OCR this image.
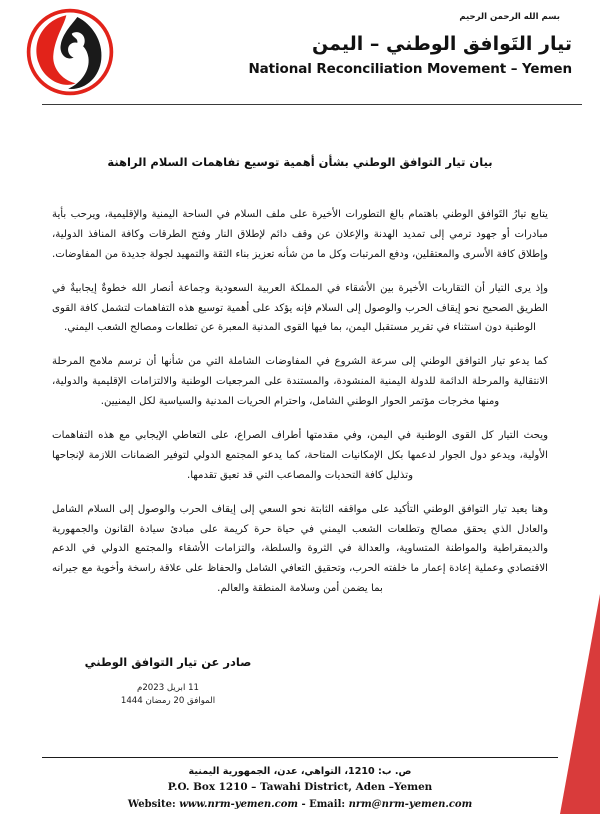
بسم الله الرحمن الرحيم
تيار التَوافق الوطني – اليمن
National Reconciliation Movement – Yemen
بيان تيار التوافق الوطني بشأن أهمية توسيع تفاهمات السلام الراهنة

يتابع تيارُ التَوافق الوطني باهتمام بالغ التطورات الأخيرة على ملف السلام في الساحة اليمنية والإقليمية، ويرحب بأية مبادرات أو جهود ترمي إلى تمديد الهدنة والإعلان عن وقف دائم لإطلاق النار وفتح الطرقات وكافة المنافذ الدولية، وإطلاق كافة الأسرى والمعتقلين، ودفع المرتبات وكل ما من شأنه تعزيز بناء الثقة والتمهيد لجولة جديدة من المفاوضات.

وإذ يرى التيار أن التقاربات الأخيرة بين الأشقاء في المملكة العربية السعودية وجماعة أنصار الله خطوةٌ إيجابيةٌ في الطريق الصحيح نحو إيقاف الحرب والوصول إلى السلام فإنه يؤكد على أهمية توسيع هذه التفاهمات لتشمل كافة القوى الوطنية دون استثناء في تقرير مستقبل اليمن، بما فيها القوى المدنية المعبرة عن تطلعات ومصالح الشعب اليمني.

كما يدعو تيار التوافق الوطني إلى سرعة الشروع في المفاوضات الشاملة التي من شأنها أن ترسم ملامح المرحلة الانتقالية والمرحلة الدائمة للدولة اليمنية المنشودة، والمستندة على المرجعيات الوطنية والالتزامات الإقليمية والدولية، ومنها مخرجات مؤتمر الحوار الوطني الشامل، واحترام الحريات المدنية والسياسية لكل اليمنيين.

ويحث التيار كل القوى الوطنية في اليمن، وفي مقدمتها أطراف الصراع، على التعاطي الإيجابي مع هذه التفاهمات الأولية، ويدعو دول الجوار لدعمها بكل الإمكانيات المتاحة، كما يدعو المجتمع الدولي لتوفير الضمانات اللازمة لإنجاحها وتذليل كافة التحديات والمصاعب التي قد تعيق تقدمها.

وهنا يعيد تيار التوافق الوطني التأكيد على مواقفه الثابتة نحو السعي إلى إيقاف الحرب والوصول إلى السلام الشامل والعادل الذي يحقق مصالح وتطلعات الشعب اليمني في حياة حرة كريمة على مبادئ سيادة القانون والجمهورية والديمقراطية والمواطنة المتساوية، والعدالة في الثروة والسلطة، والتزامات الأشقاء والمجتمع الدولي في الدعم الاقتصادي وعملية إعادة إعمار ما خلفته الحرب، وتحقيق التعافي الشامل والحفاظ على علاقة راسخة وأخوية مع جيرانه بما يضمن أمن وسلامة المنطقة والعالم.

صادر عن تيار التوافق الوطني
11 ابريل 2023م
الموافق 20 رمضان 1444
ص. ب: 1210، التواهي، عدن، الجمهورية اليمنية
P.O. Box 1210 – Tawahi District, Aden –Yemen
Website: www.nrm-yemen.com - Email: nrm@nrm-yemen.com
